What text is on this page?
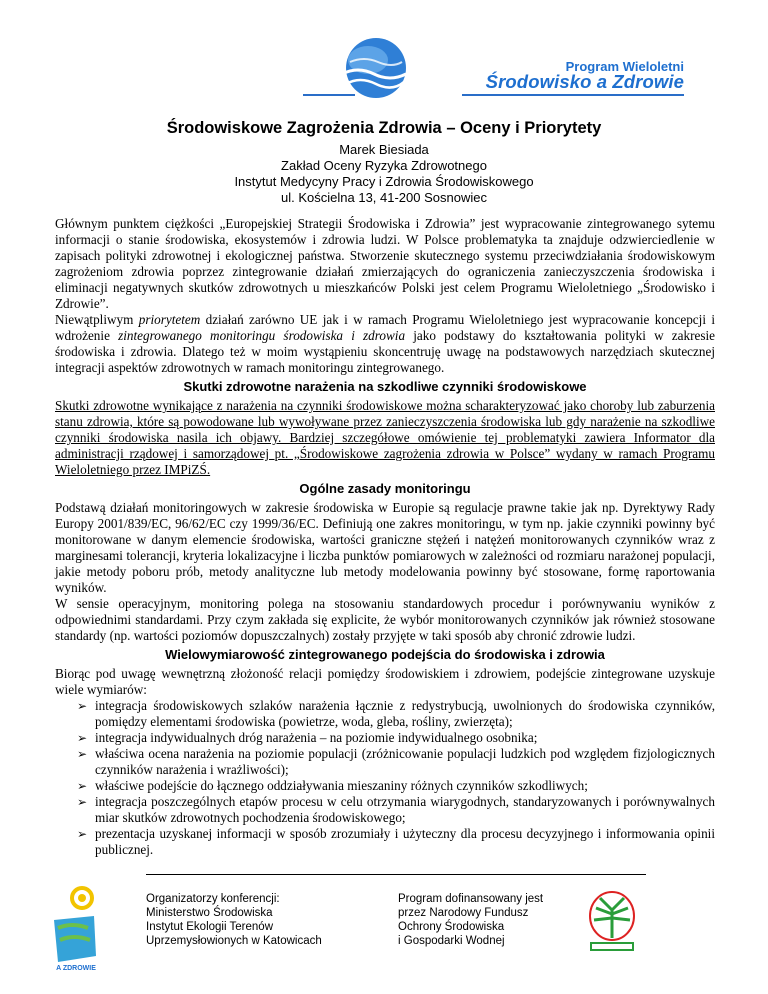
Program Wieloletni
Środowisko a Zdrowie
Środowiskowe Zagrożenia Zdrowia – Oceny i Priorytety
Marek Biesiada
Zakład Oceny Ryzyka Zdrowotnego
Instytut Medycyny Pracy i Zdrowia Środowiskowego
ul. Kościelna 13, 41-200 Sosnowiec

Głównym punktem ciężkości „Europejskiej Strategii Środowiska i Zdrowia” jest wypracowanie zintegrowanego sytemu informacji o stanie środowiska, ekosystemów i zdrowia ludzi. W Polsce problematyka ta znajduje odzwierciedlenie w zapisach polityki zdrowotnej i ekologicznej państwa. Stworzenie skutecznego systemu przeciwdziałania środowiskowym zagrożeniom zdrowia poprzez zintegrowanie działań zmierzających do ograniczenia zanieczyszczenia środowiska i eliminacji negatywnych skutków zdrowotnych u mieszkańców Polski jest celem Programu Wieloletniego „Środowisko i Zdrowie”.

Niewątpliwym priorytetem działań zarówno UE jak i w ramach Programu Wieloletniego jest wypracowanie koncepcji i wdrożenie zintegrowanego monitoringu środowiska i zdrowia jako podstawy do kształtowania polityki w zakresie środowiska i zdrowia. Dlatego też w moim wystąpieniu skoncentruję uwagę na podstawowych narzędziach skutecznej integracji aspektów zdrowotnych w ramach monitoringu zintegrowanego.

Skutki zdrowotne narażenia na szkodliwe czynniki środowiskowe

Skutki zdrowotne wynikające z narażenia na czynniki środowiskowe można scharakteryzować jako choroby lub zaburzenia stanu zdrowia, które są powodowane lub wywoływane przez zanieczyszczenia środowiska lub gdy narażenie na szkodliwe czynniki środowiska nasila ich objawy. Bardziej szczegółowe omówienie tej problematyki zawiera Informator dla administracji rządowej i samorządowej pt. „Środowiskowe zagrożenia zdrowia w Polsce” wydany w ramach Programu Wieloletniego przez IMPiZŚ.

Ogólne zasady monitoringu

Podstawą działań monitoringowych w zakresie środowiska w Europie są regulacje prawne takie jak np. Dyrektywy Rady Europy 2001/839/EC, 96/62/EC czy 1999/36/EC. Definiują one zakres monitoringu, w tym np. jakie czynniki powinny być monitorowane w danym elemencie środowiska, wartości graniczne stężeń i natężeń monitorowanych czynników wraz z marginesami tolerancji, kryteria lokalizacyjne i liczba punktów pomiarowych w zależności od rozmiaru narażonej populacji, jakie metody poboru prób, metody analityczne lub metody modelowania powinny być stosowane, formę raportowania wyników.

W sensie operacyjnym, monitoring polega na stosowaniu standardowych procedur i porównywaniu wyników z odpowiednimi standardami. Przy czym zakłada się explicite, że wybór monitorowanych czynników jak również stosowane standardy (np. wartości poziomów dopuszczalnych) zostały przyjęte w taki sposób aby chronić zdrowie ludzi.

Wielowymiarowość zintegrowanego podejścia do środowiska i zdrowia

Biorąc pod uwagę wewnętrzną złożoność relacji pomiędzy środowiskiem i zdrowiem, podejście zintegrowane uzyskuje wiele wymiarów:

➢ integracja środowiskowych szlaków narażenia łącznie z redystrybucją, uwolnionych do środowiska czynników, pomiędzy elementami środowiska (powietrze, woda, gleba, rośliny, zwierzęta);
➢ integracja indywidualnych dróg narażenia – na poziomie indywidualnego osobnika;
➢ właściwa ocena narażenia na poziomie populacji (zróżnicowanie populacji ludzkich pod względem fizjologicznych czynników narażenia i wrażliwości);
➢ właściwe podejście do łącznego oddziaływania mieszaniny różnych czynników szkodliwych;
➢ integracja poszczególnych etapów procesu w celu otrzymania wiarygodnych, standaryzowanych i porównywalnych miar skutków zdrowotnych pochodzenia środowiskowego;
➢ prezentacja uzyskanej informacji w sposób zrozumiały i użyteczny dla procesu decyzyjnego i informowania opinii publicznej.
A ZDROWIE
Organizatorzy konferencji:
Ministerstwo Środowiska
Instytut Ekologii Terenów
Uprzemysłowionych w Katowicach
Program dofinansowany jest
przez Narodowy Fundusz
Ochrony Środowiska
i Gospodarki Wodnej
